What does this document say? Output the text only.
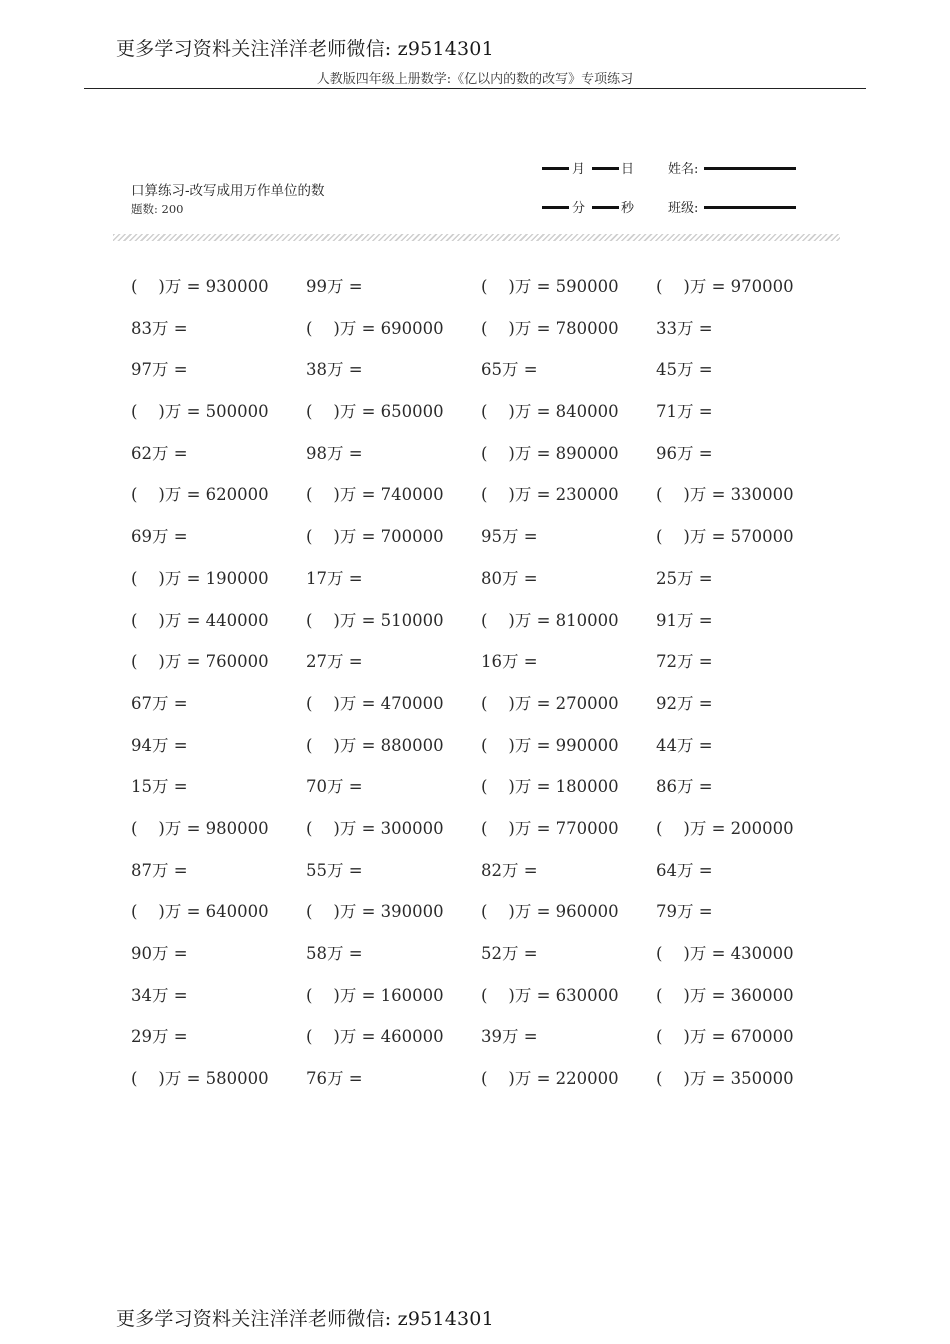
更多学习资料关注洋洋老师微信: z9514301
人教版四年级上册数学:《亿以内的数的改写》专项练习
口算练习-改写成用万作单位的数
题数: 200
月	日	姓名:
分	秒	班级:
(    )万 = 930000	99万 =	(    )万 = 590000	(    )万 = 970000
83万 =	(    )万 = 690000	(    )万 = 780000	33万 =
97万 =	38万 =	65万 =	45万 =
(    )万 = 500000	(    )万 = 650000	(    )万 = 840000	71万 =
62万 =	98万 =	(    )万 = 890000	96万 =
(    )万 = 620000	(    )万 = 740000	(    )万 = 230000	(    )万 = 330000
69万 =	(    )万 = 700000	95万 =	(    )万 = 570000
(    )万 = 190000	17万 =	80万 =	25万 =
(    )万 = 440000	(    )万 = 510000	(    )万 = 810000	91万 =
(    )万 = 760000	27万 =	16万 =	72万 =
67万 =	(    )万 = 470000	(    )万 = 270000	92万 =
94万 =	(    )万 = 880000	(    )万 = 990000	44万 =
15万 =	70万 =	(    )万 = 180000	86万 =
(    )万 = 980000	(    )万 = 300000	(    )万 = 770000	(    )万 = 200000
87万 =	55万 =	82万 =	64万 =
(    )万 = 640000	(    )万 = 390000	(    )万 = 960000	79万 =
90万 =	58万 =	52万 =	(    )万 = 430000
34万 =	(    )万 = 160000	(    )万 = 630000	(    )万 = 360000
29万 =	(    )万 = 460000	39万 =	(    )万 = 670000
(    )万 = 580000	76万 =	(    )万 = 220000	(    )万 = 350000
更多学习资料关注洋洋老师微信: z9514301
